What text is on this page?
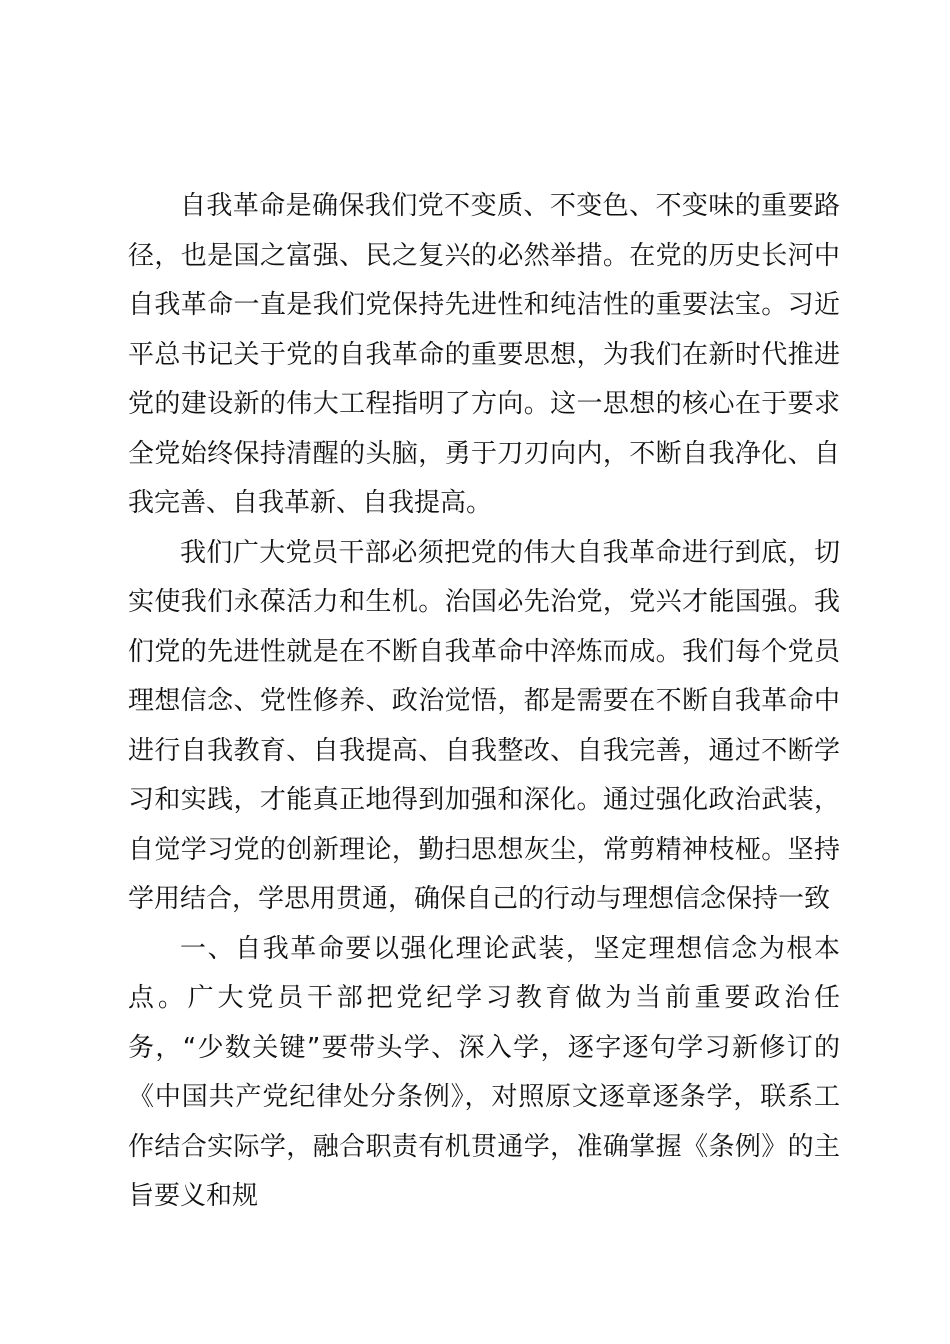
自我革命是确保我们党不变质、不变色、不变味的重要路径，也是国之富强、民之复兴的必然举措。在党的历史长河中自我革命一直是我们党保持先进性和纯洁性的重要法宝。习近平总书记关于党的自我革命的重要思想，为我们在新时代推进党的建设新的伟大工程指明了方向。这一思想的核心在于要求全党始终保持清醒的头脑，勇于刀刃向内，不断自我净化、自我完善、自我革新、自我提高。

我们广大党员干部必须把党的伟大自我革命进行到底，切实使我们永葆活力和生机。治国必先治党，党兴才能国强。我们党的先进性就是在不断自我革命中淬炼而成。我们每个党员理想信念、党性修养、政治觉悟，都是需要在不断自我革命中进行自我教育、自我提高、自我整改、自我完善，通过不断学习和实践，才能真正地得到加强和深化。通过强化政治武装，自觉学习党的创新理论，勤扫思想灰尘，常剪精神枝桠。坚持学用结合，学思用贯通，确保自己的行动与理想信念保持一致

一、自我革命要以强化理论武装，坚定理想信念为根本点。广大党员干部把党纪学习教育做为当前重要政治任务，“少数关键”要带头学、深入学，逐字逐句学习新修订的《中国共产党纪律处分条例》，对照原文逐章逐条学，联系工作结合实际学，融合职责有机贯通学，准确掌握《条例》的主旨要义和规
